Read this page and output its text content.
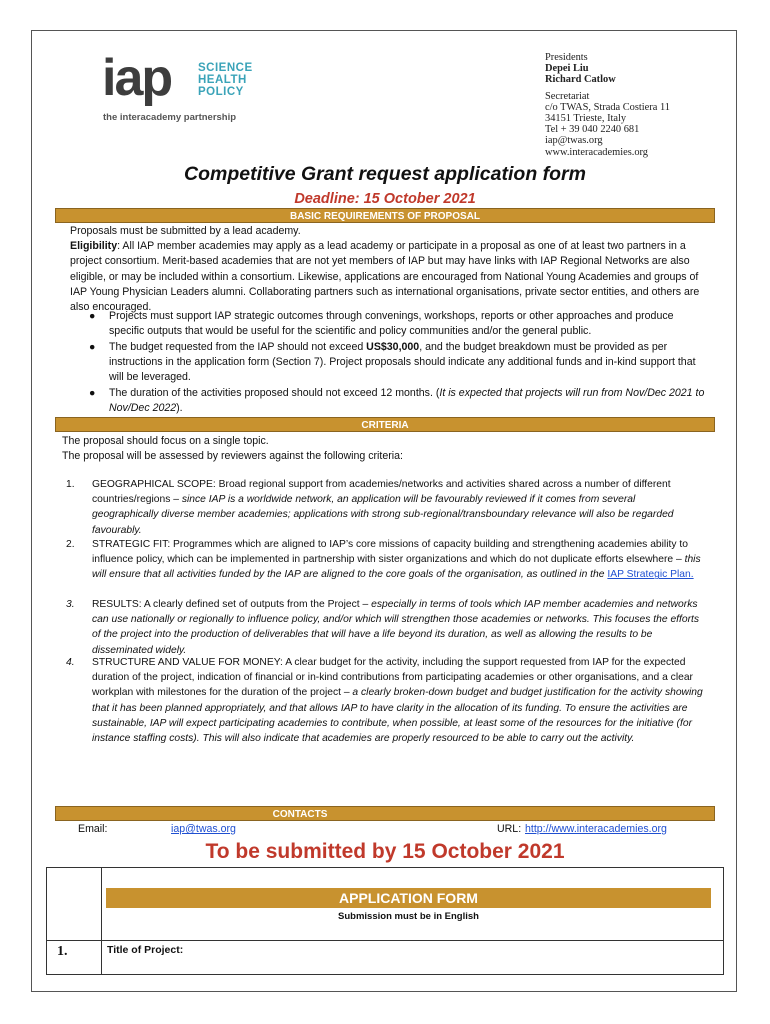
iap SCIENCE
HEALTH
POLICY
the interacademy partnership
Presidents
Depei Liu
Richard Catlow
Secretariat
c/o TWAS, Strada Costiera 11
34151 Trieste, Italy
Tel + 39 040 2240 681
iap@twas.org
www.interacademies.org
Competitive Grant request application form
Deadline: 15 October 2021
BASIC REQUIREMENTS OF PROPOSAL
Proposals must be submitted by a lead academy.
Eligibility: All IAP member academies may apply as a lead academy or participate in a proposal as one of at least two partners in a project consortium. Merit-based academies that are not yet members of IAP but may have links with IAP Regional Networks are also eligible, or may be included within a consortium. Likewise, applications are encouraged from National Young Academies and groups of IAP Young Physician Leaders alumni. Collaborating partners such as international organisations, private sector entities, and others are also encouraged.
● Projects must support IAP strategic outcomes through convenings, workshops, reports or other approaches and produce specific outputs that would be useful for the scientific and policy communities and/or the general public.
● The budget requested from the IAP should not exceed US$30,000, and the budget breakdown must be provided as per instructions in the application form (Section 7). Project proposals should indicate any additional funds and in-kind support that will be leveraged.
● The duration of the activities proposed should not exceed 12 months. (It is expected that projects will run from Nov/Dec 2021 to Nov/Dec 2022).
CRITERIA
The proposal should focus on a single topic.
The proposal will be assessed by reviewers against the following criteria:
1. GEOGRAPHICAL SCOPE: Broad regional support from academies/networks and activities shared across a number of different countries/regions – since IAP is a worldwide network, an application will be favourably reviewed if it comes from several geographically diverse member academies; applications with strong sub-regional/transboundary relevance will also be regarded favourably.
2. STRATEGIC FIT: Programmes which are aligned to IAP’s core missions of capacity building and strengthening academies ability to influence policy, which can be implemented in partnership with sister organizations and which do not duplicate efforts elsewhere – this will ensure that all activities funded by the IAP are aligned to the core goals of the organisation, as outlined in the IAP Strategic Plan.
3. RESULTS: A clearly defined set of outputs from the Project – especially in terms of tools which IAP member academies and networks can use nationally or regionally to influence policy, and/or which will strengthen those academies or networks. This focuses the efforts of the project into the production of deliverables that will have a life beyond its duration, as well as allowing the results to be disseminated widely.
4. STRUCTURE AND VALUE FOR MONEY: A clear budget for the activity, including the support requested from IAP for the expected duration of the project, indication of financial or in-kind contributions from participating academies or other organisations, and a clear workplan with milestones for the duration of the project – a clearly broken-down budget and budget justification for the activity showing that it has been planned appropriately, and that allows IAP to have clarity in the allocation of its funding. To ensure the activities are sustainable, IAP will expect participating academies to contribute, when possible, at least some of the resources for the initiative (for instance staffing costs). This will also indicate that academies are properly resourced to be able to carry out the activity.
CONTACTS
Email:	iap@twas.org	URL: http://www.interacademies.org
To be submitted by 15 October 2021
APPLICATION FORM
Submission must be in English
1.	Title of Project:
